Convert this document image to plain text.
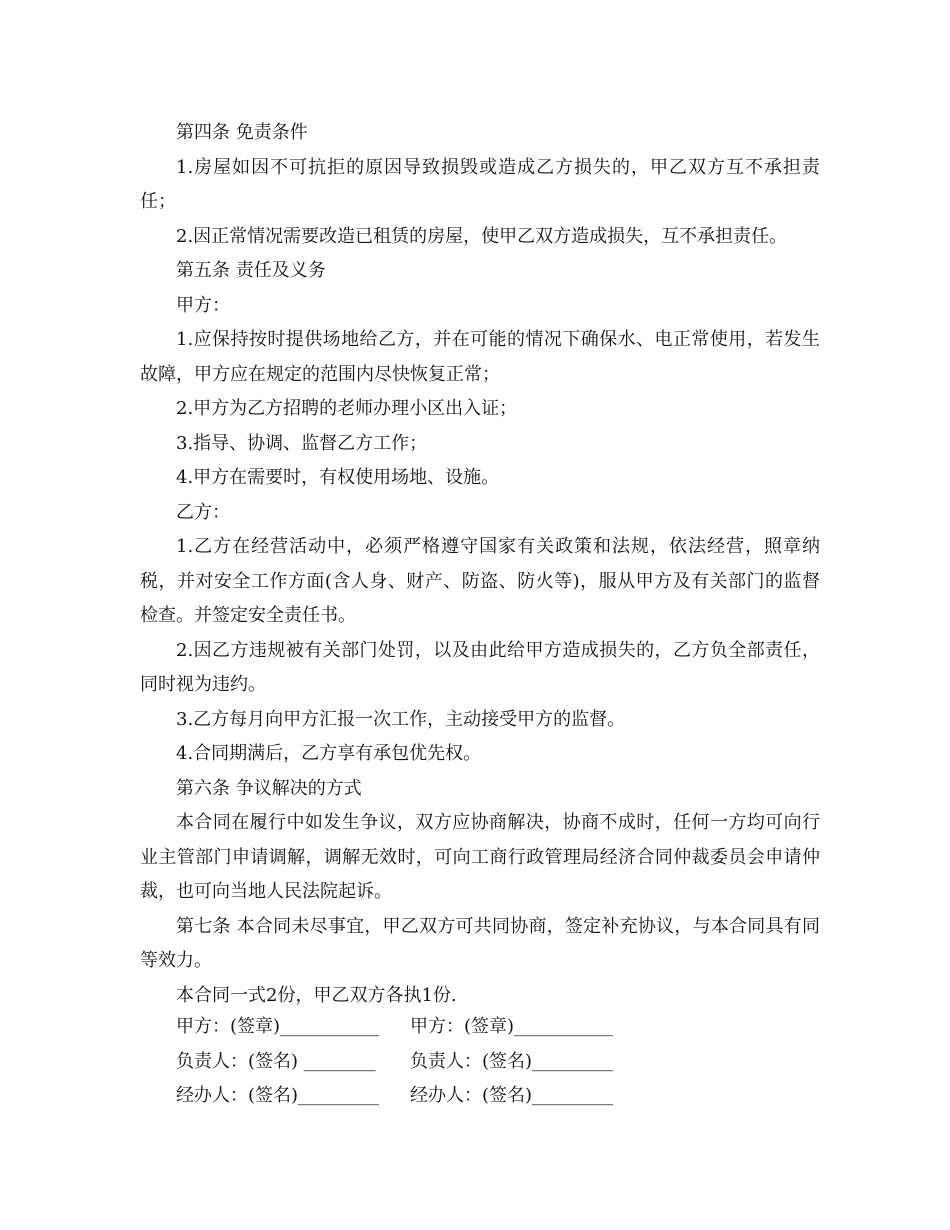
第四条 免责条件

1.房屋如因不可抗拒的原因导致损毁或造成乙方损失的，甲乙双方互不承担责任；

2.因正常情况需要改造已租赁的房屋，使甲乙双方造成损失，互不承担责任。

第五条 责任及义务

甲方：

1.应保持按时提供场地给乙方，并在可能的情况下确保水、电正常使用，若发生故障，甲方应在规定的范围内尽快恢复正常；

2.甲方为乙方招聘的老师办理小区出入证；

3.指导、协调、监督乙方工作；

4.甲方在需要时，有权使用场地、设施。

乙方：

1.乙方在经营活动中，必须严格遵守国家有关政策和法规，依法经营，照章纳税，并对安全工作方面(含人身、财产、防盗、防火等)，服从甲方及有关部门的监督检查。并签定安全责任书。

2.因乙方违规被有关部门处罚，以及由此给甲方造成损失的，乙方负全部责任，同时视为违约。

3.乙方每月向甲方汇报一次工作，主动接受甲方的监督。

4.合同期满后，乙方享有承包优先权。

第六条 争议解决的方式

本合同在履行中如发生争议，双方应协商解决，协商不成时，任何一方均可向行业主管部门申请调解，调解无效时，可向工商行政管理局经济合同仲裁委员会申请仲裁，也可向当地人民法院起诉。

第七条 本合同未尽事宜，甲乙双方可共同协商，签定补充协议，与本合同具有同等效力。

本合同一式2份，甲乙双方各执1份.

甲方：(签章)___________	甲方：(签章)___________
负责人：(签名) ________	负责人：(签名)_________
经办人：(签名)_________	经办人：(签名)_________
